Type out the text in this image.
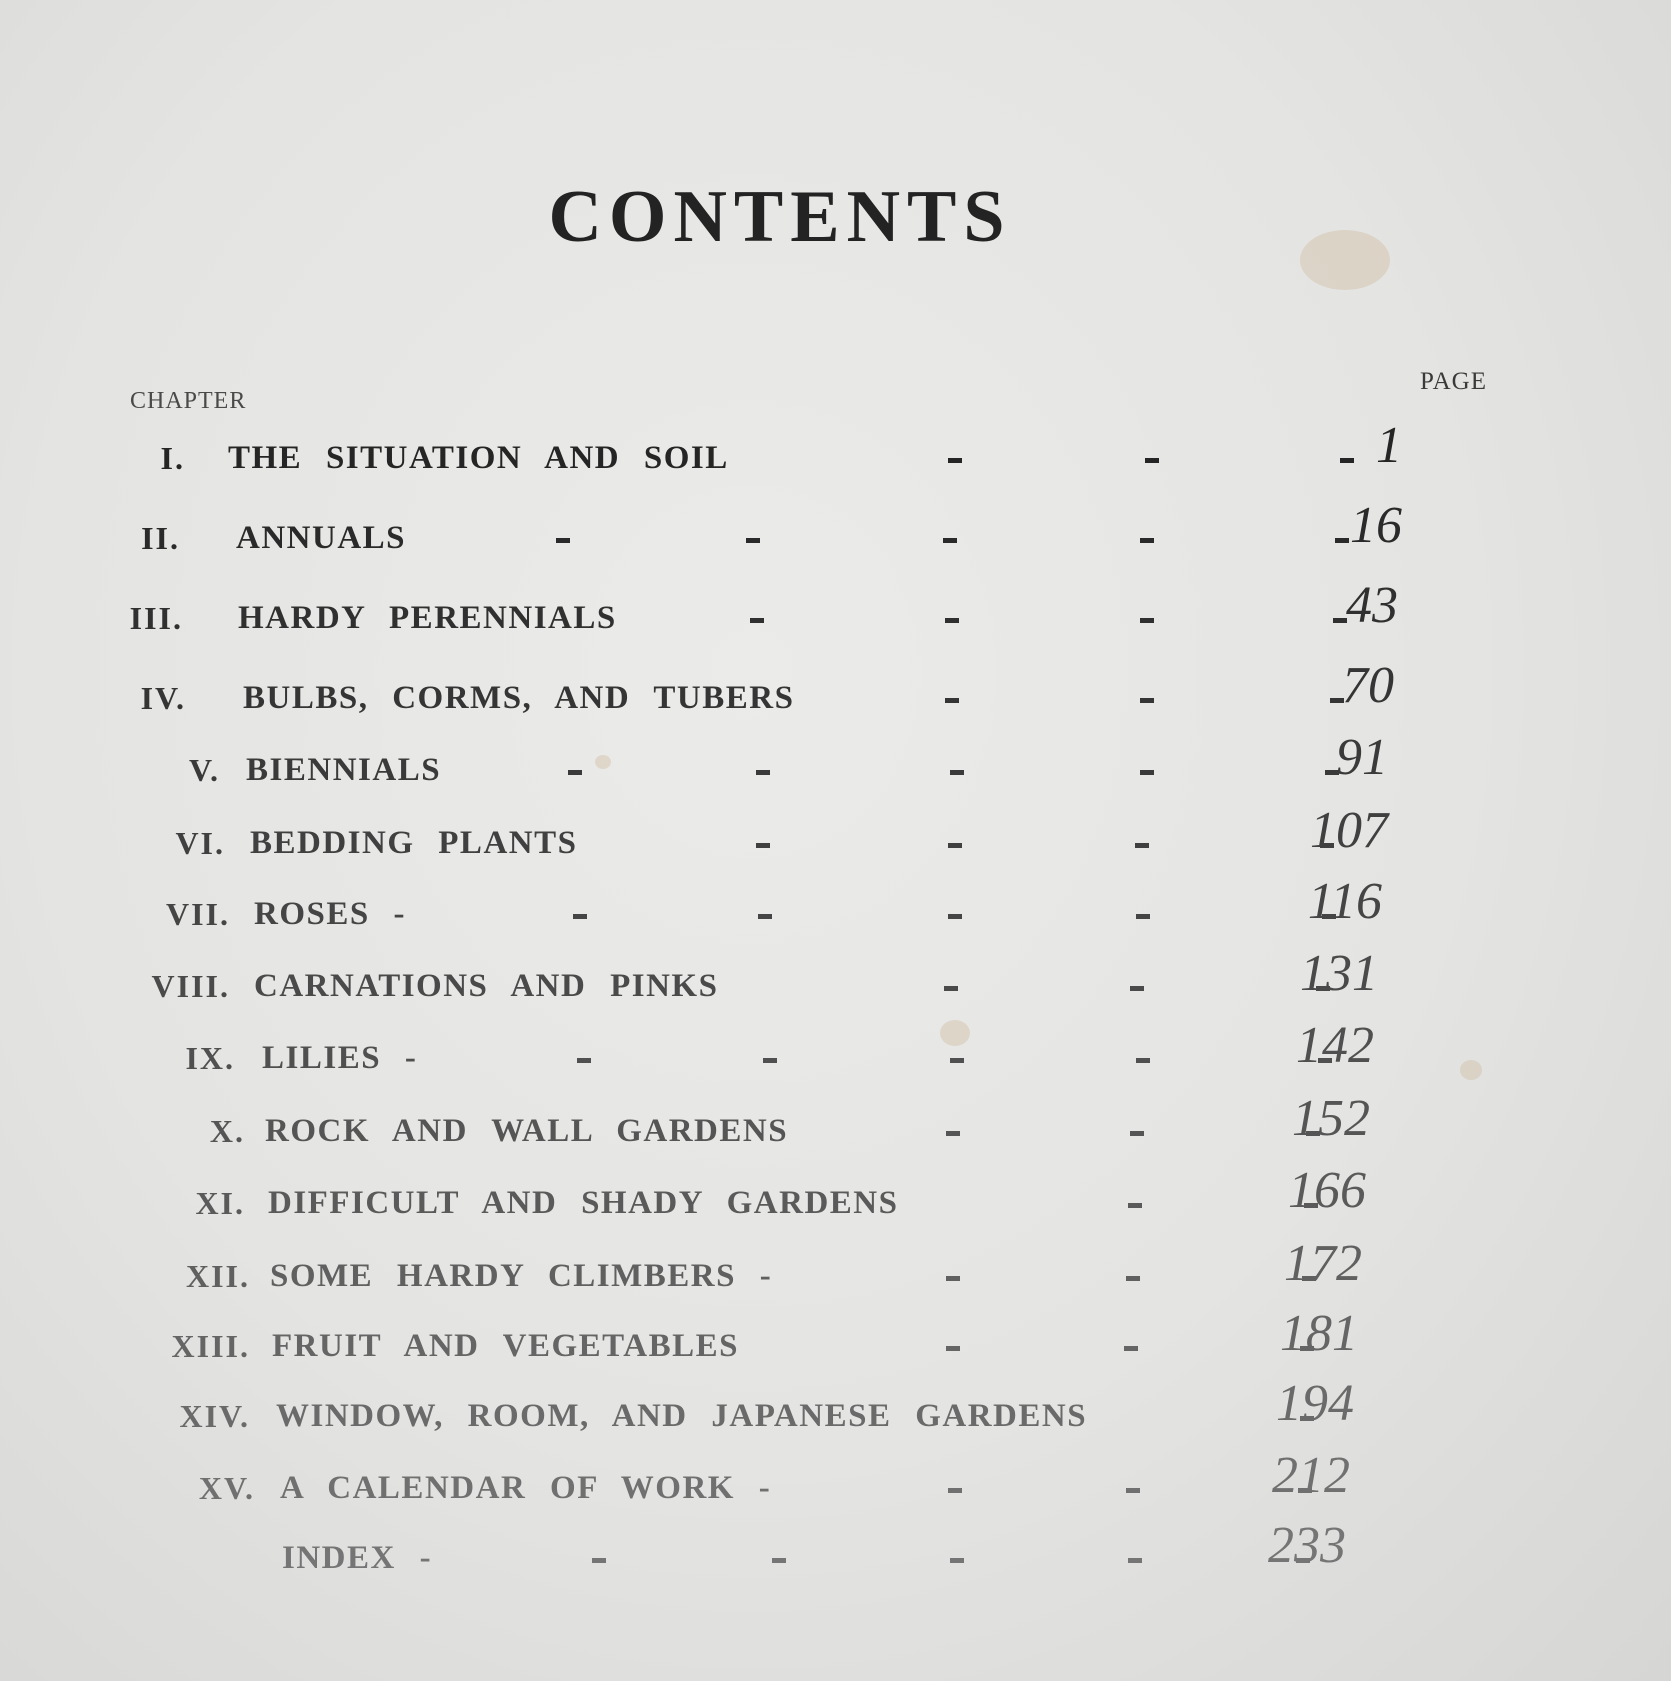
CONTENTS
CHAPTER
PAGE
I. THE SITUATION AND SOIL	1
II. ANNUALS	16
III. HARDY PERENNIALS	43
IV. BULBS, CORMS, AND TUBERS	70
V. BIENNIALS	91
VI. BEDDING PLANTS	107
VII. ROSES -	116
VIII. CARNATIONS AND PINKS	131
IX. LILIES -	142
X. ROCK AND WALL GARDENS	152
XI. DIFFICULT AND SHADY GARDENS	166
XII. SOME HARDY CLIMBERS -	172
XIII. FRUIT AND VEGETABLES	181
XIV. WINDOW, ROOM, AND JAPANESE GARDENS	194
XV. A CALENDAR OF WORK -	212
INDEX -	233
